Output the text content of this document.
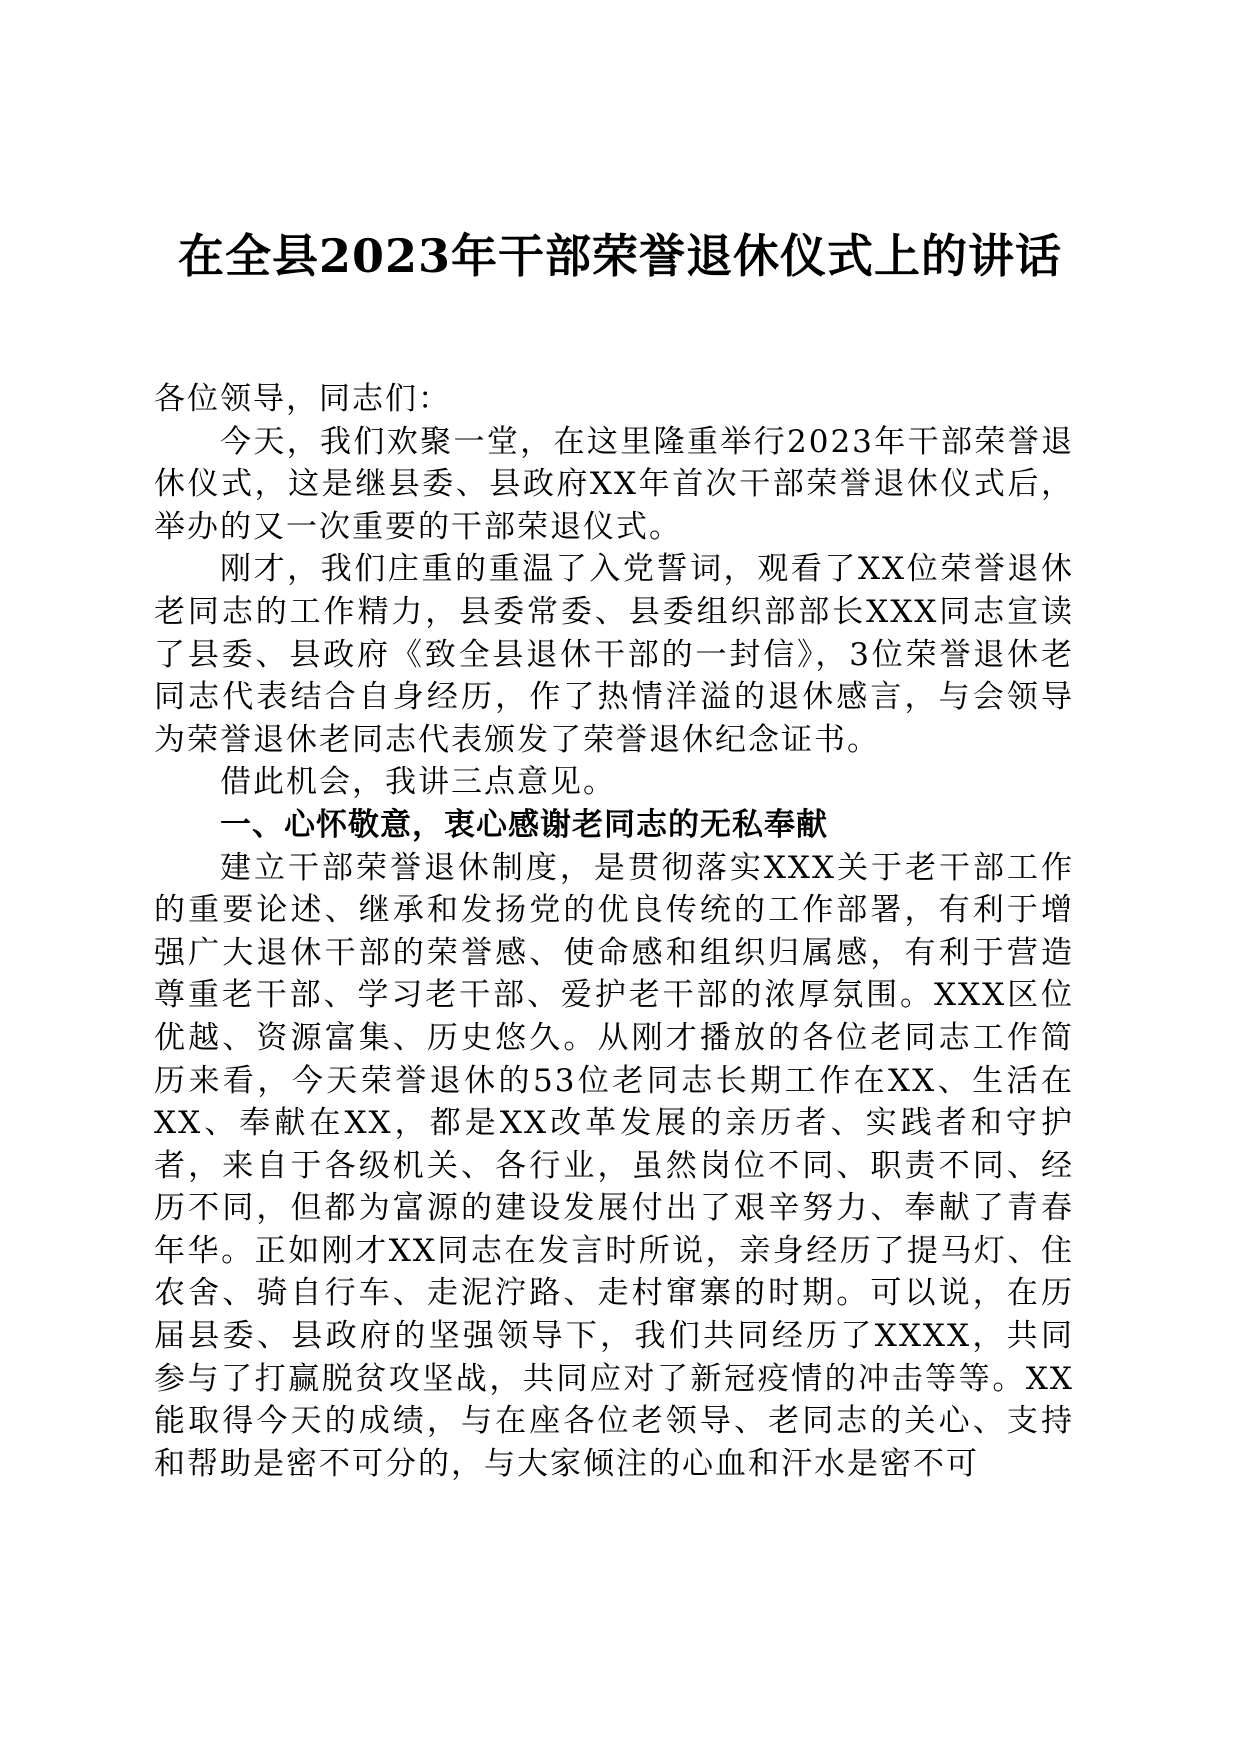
在全县2023年干部荣誉退休仪式上的讲话

各位领导，同志们：

今天，我们欢聚一堂，在这里隆重举行2023年干部荣誉退休仪式，这是继县委、县政府XX年首次干部荣誉退休仪式后，举办的又一次重要的干部荣退仪式。

刚才，我们庄重的重温了入党誓词，观看了XX位荣誉退休老同志的工作精力，县委常委、县委组织部部长XXX同志宣读了县委、县政府《致全县退休干部的一封信》，3位荣誉退休老同志代表结合自身经历，作了热情洋溢的退休感言，与会领导为荣誉退休老同志代表颁发了荣誉退休纪念证书。

借此机会，我讲三点意见。

一、心怀敬意，衷心感谢老同志的无私奉献

建立干部荣誉退休制度，是贯彻落实XXX关于老干部工作的重要论述、继承和发扬党的优良传统的工作部署，有利于增强广大退休干部的荣誉感、使命感和组织归属感，有利于营造尊重老干部、学习老干部、爱护老干部的浓厚氛围。XXX区位优越、资源富集、历史悠久。从刚才播放的各位老同志工作简历来看，今天荣誉退休的53位老同志长期工作在XX、生活在XX、奉献在XX，都是XX改革发展的亲历者、实践者和守护者，来自于各级机关、各行业，虽然岗位不同、职责不同、经历不同，但都为富源的建设发展付出了艰辛努力、奉献了青春年华。正如刚才XX同志在发言时所说，亲身经历了提马灯、住农舍、骑自行车、走泥泞路、走村窜寨的时期。可以说，在历届县委、县政府的坚强领导下，我们共同经历了XXXX，共同参与了打赢脱贫攻坚战，共同应对了新冠疫情的冲击等等。XX能取得今天的成绩，与在座各位老领导、老同志的关心、支持和帮助是密不可分的，与大家倾注的心血和汗水是密不可
